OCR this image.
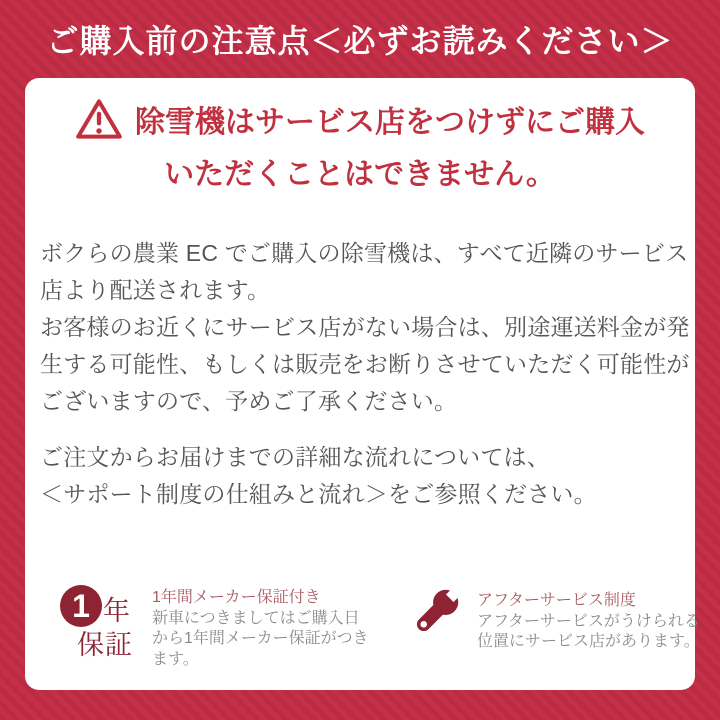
ご購入前の注意点＜必ずお読みください＞
除雪機はサービス店をつけずにご購入
いただくことはできません。
ボクらの農業 EC でご購入の除雪機は、すべて近隣のサービス
店より配送されます。
お客様のお近くにサービス店がない場合は、別途運送料金が発
生する可能性、もしくは販売をお断りさせていただく可能性が
ございますので、予めご了承ください。
ご注文からお届けまでの詳細な流れについては、
＜サポート制度の仕組みと流れ＞をご参照ください。
1 年
保証
1年間メーカー保証付き
新車につきましてはご購入日
から1年間メーカー保証がつき
ます。
アフターサービス制度
アフターサービスがうけられる
位置にサービス店があります。
